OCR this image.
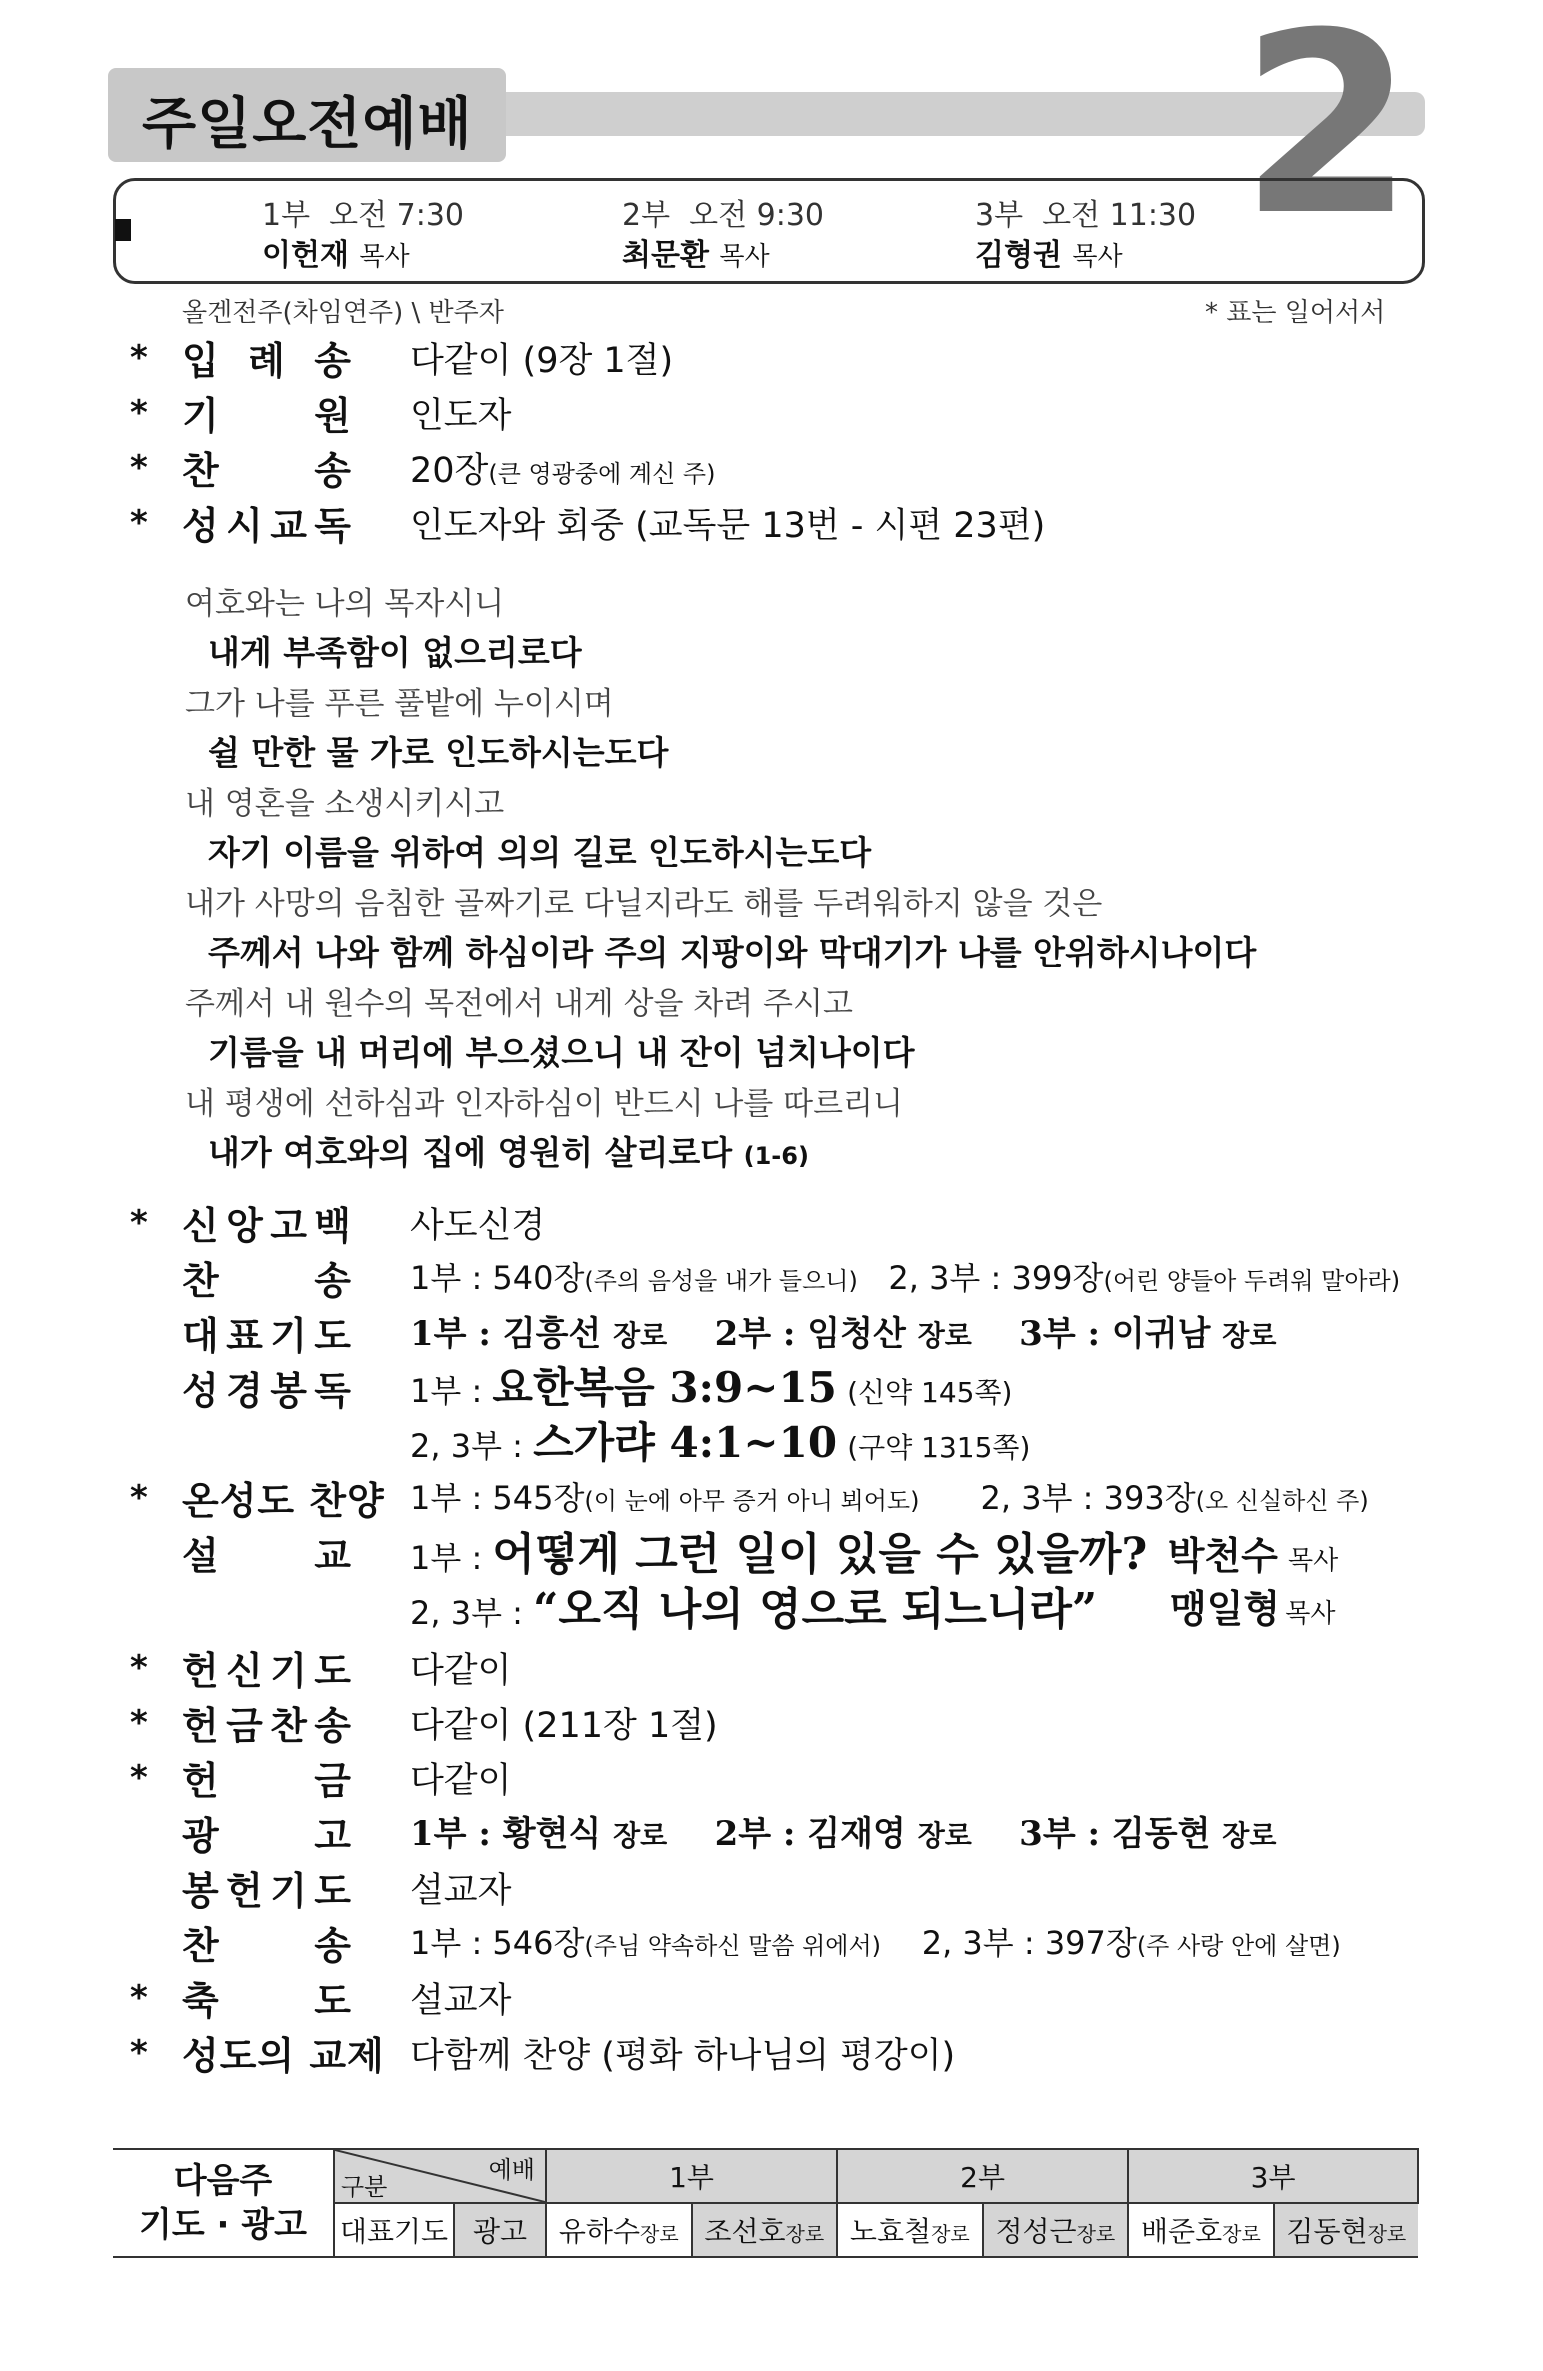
주일오전예배	2
1부 오전 7:30
이헌재 목사
2부 오전 9:30
최문환 목사
3부 오전 11:30
김형권 목사
올겐전주(차임연주) \ 반주자	* 표는 일어서서
* 입 례 송 다같이 (9장 1절)
* 기 원 인도자
* 찬 송 20장(큰 영광중에 계신 주)
* 성 시 교 독 인도자와 회중 (교독문 13번 - 시편 23편)
여호와는 나의 목자시니
내게 부족함이 없으리로다
그가 나를 푸른 풀밭에 누이시며
쉴 만한 물 가로 인도하시는도다
내 영혼을 소생시키시고
자기 이름을 위하여 의의 길로 인도하시는도다
내가 사망의 음침한 골짜기로 다닐지라도 해를 두려워하지 않을 것은
주께서 나와 함께 하심이라 주의 지팡이와 막대기가 나를 안위하시나이다
주께서 내 원수의 목전에서 내게 상을 차려 주시고
기름을 내 머리에 부으셨으니 내 잔이 넘치나이다
내 평생에 선하심과 인자하심이 반드시 나를 따르리니
내가 여호와의 집에 영원히 살리로다 (1-6)
* 신 앙 고 백 사도신경
찬 송 1부 : 540장(주의 음성을 내가 들으니) 2, 3부 : 399장(어린 양들아 두려워 말아라)
대 표 기 도 1부 : 김흥선 장로 2부 : 임청산 장로 3부 : 이귀남 장로
성 경 봉 독 1부 : 요한복음 3:9~15 (신약 145쪽)
2, 3부 : 스가랴 4:1~10 (구약 1315쪽)
* 온성도 찬양 1부 : 545장(이 눈에 아무 증거 아니 뵈어도) 2, 3부 : 393장(오 신실하신 주)
설 교 1부 : 어떻게 그런 일이 있을 수 있을까? 박천수 목사
2, 3부 : “오직 나의 영으로 되느니라” 맹일형 목사
* 헌 신 기 도 다같이
* 헌 금 찬 송 다같이 (211장 1절)
* 헌 금 다같이
광 고 1부 : 황현식 장로 2부 : 김재영 장로 3부 : 김동현 장로
봉 헌 기 도 설교자
찬 송 1부 : 546장(주님 약속하신 말씀 위에서) 2, 3부 : 397장(주 사랑 안에 살면)
* 축 도 설교자
* 성도의 교제 다함께 찬양 (평화 하나님의 평강이)
다음주
기도 · 광고	예배
구분		1부		2부		3부	
	대표기도	광고	유하수장로	조선호장로	노효철장로	정성근장로	배준호장로	김동현장로
